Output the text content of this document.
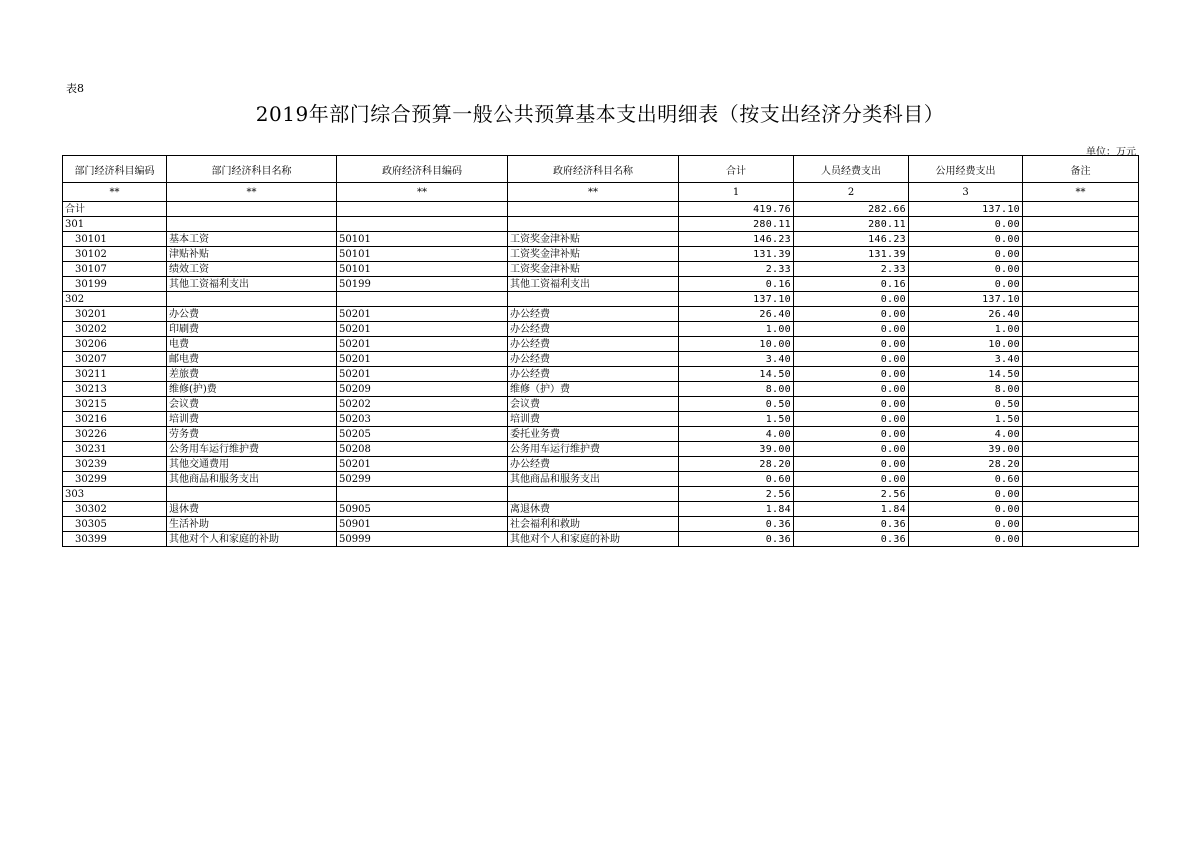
表8
2019年部门综合预算一般公共预算基本支出明细表（按支出经济分类科目）
单位：万元
部门经济科目编码	部门经济科目名称	政府经济科目编码	政府经济科目名称	合计	人员经费支出	公用经费支出	备注
**	**	**	**	1	2	3	**
合计				419.76	282.66	137.10	
301				280.11	280.11	0.00	
30101	基本工资	50101	工资奖金津补贴	146.23	146.23	0.00	
30102	津贴补贴	50101	工资奖金津补贴	131.39	131.39	0.00	
30107	绩效工资	50101	工资奖金津补贴	2.33	2.33	0.00	
30199	其他工资福利支出	50199	其他工资福利支出	0.16	0.16	0.00	
302				137.10	0.00	137.10	
30201	办公费	50201	办公经费	26.40	0.00	26.40	
30202	印刷费	50201	办公经费	1.00	0.00	1.00	
30206	电费	50201	办公经费	10.00	0.00	10.00	
30207	邮电费	50201	办公经费	3.40	0.00	3.40	
30211	差旅费	50201	办公经费	14.50	0.00	14.50	
30213	维修(护)费	50209	维修（护）费	8.00	0.00	8.00	
30215	会议费	50202	会议费	0.50	0.00	0.50	
30216	培训费	50203	培训费	1.50	0.00	1.50	
30226	劳务费	50205	委托业务费	4.00	0.00	4.00	
30231	公务用车运行维护费	50208	公务用车运行维护费	39.00	0.00	39.00	
30239	其他交通费用	50201	办公经费	28.20	0.00	28.20	
30299	其他商品和服务支出	50299	其他商品和服务支出	0.60	0.00	0.60	
303				2.56	2.56	0.00	
30302	退休费	50905	离退休费	1.84	1.84	0.00	
30305	生活补助	50901	社会福利和救助	0.36	0.36	0.00	
30399	其他对个人和家庭的补助	50999	其他对个人和家庭的补助	0.36	0.36	0.00	
